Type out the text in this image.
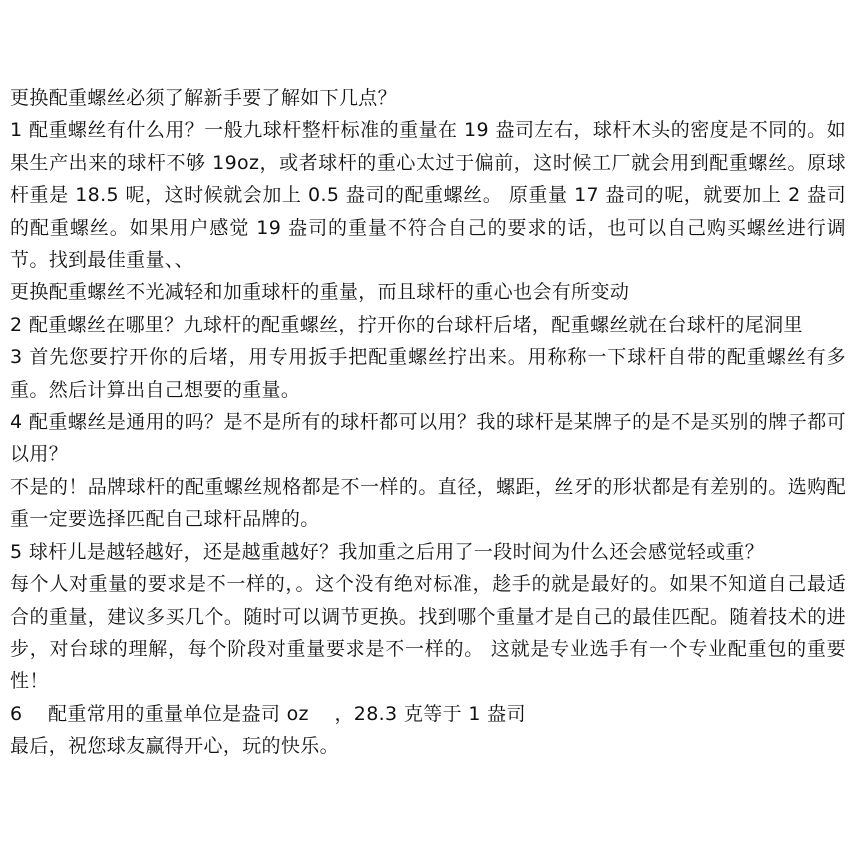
更换配重螺丝必须了解新手要了解如下几点？

1 配重螺丝有什么用？一般九球杆整杆标准的重量在 19 盎司左右，球杆木头的密度是不同的。如果生产出来的球杆不够 19oz，或者球杆的重心太过于偏前，这时候工厂就会用到配重螺丝。原球杆重是 18.5 呢，这时候就会加上 0.5 盎司的配重螺丝。 原重量 17 盎司的呢，就要加上 2 盎司的配重螺丝。如果用户感觉 19 盎司的重量不符合自己的要求的话，也可以自己购买螺丝进行调节。找到最佳重量、、

更换配重螺丝不光减轻和加重球杆的重量，而且球杆的重心也会有所变动

2 配重螺丝在哪里？九球杆的配重螺丝，拧开你的台球杆后堵，配重螺丝就在台球杆的尾洞里

3 首先您要拧开你的后堵，用专用扳手把配重螺丝拧出来。用称称一下球杆自带的配重螺丝有多重。然后计算出自己想要的重量。

4 配重螺丝是通用的吗？是不是所有的球杆都可以用？我的球杆是某牌子的是不是买别的牌子都可以用？

不是的！品牌球杆的配重螺丝规格都是不一样的。直径，螺距，丝牙的形状都是有差别的。选购配重一定要选择匹配自己球杆品牌的。

5 球杆儿是越轻越好，还是越重越好？我加重之后用了一段时间为什么还会感觉轻或重？

每个人对重量的要求是不一样的，。这个没有绝对标准，趁手的就是最好的。如果不知道自己最适合的重量，建议多买几个。随时可以调节更换。找到哪个重量才是自己的最佳匹配。随着技术的进步，对台球的理解，每个阶段对重量要求是不一样的。 这就是专业选手有一个专业配重包的重要性！

6    配重常用的重量单位是盎司 oz    ，28.3 克等于 1 盎司

最后，祝您球友赢得开心，玩的快乐。
